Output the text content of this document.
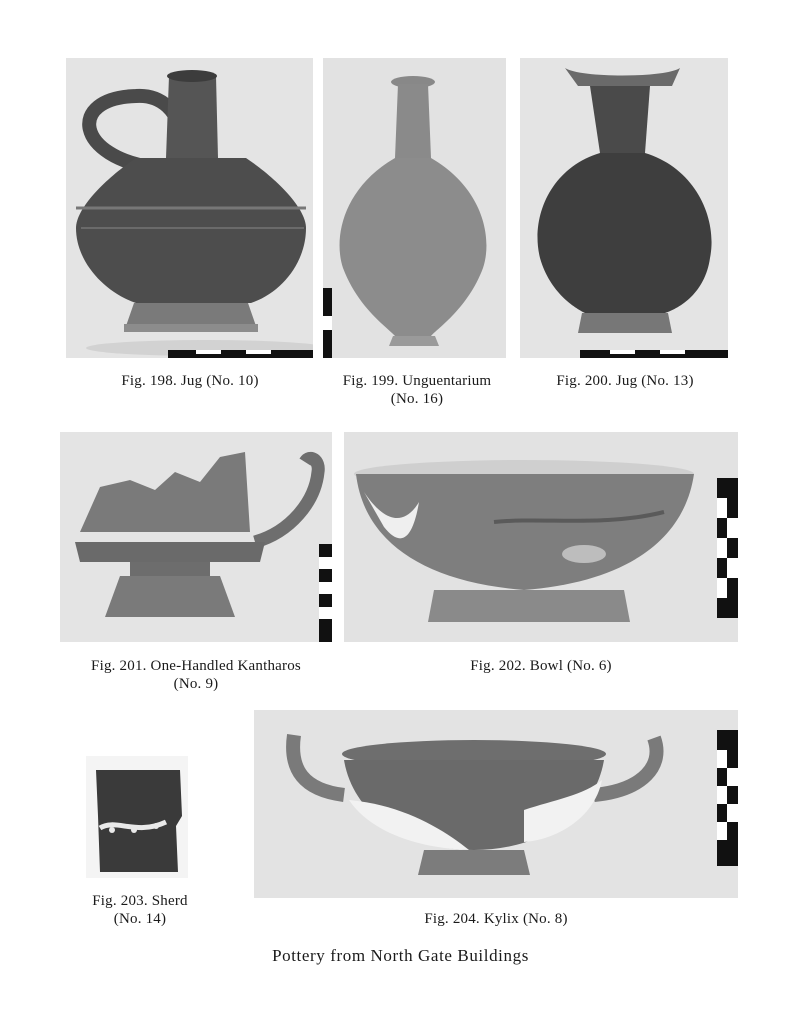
Fig. 198. Jug (No. 10)	Fig. 199. Unguentarium
(No. 16)
Fig. 200. Jug (No. 13)
Fig. 201. One-Handled Kantharos
(No. 9)
Fig. 202. Bowl (No. 6)
Fig. 203. Sherd
(No. 14)	Fig. 204. Kylix (No. 8)
Pottery from North Gate Buildings
